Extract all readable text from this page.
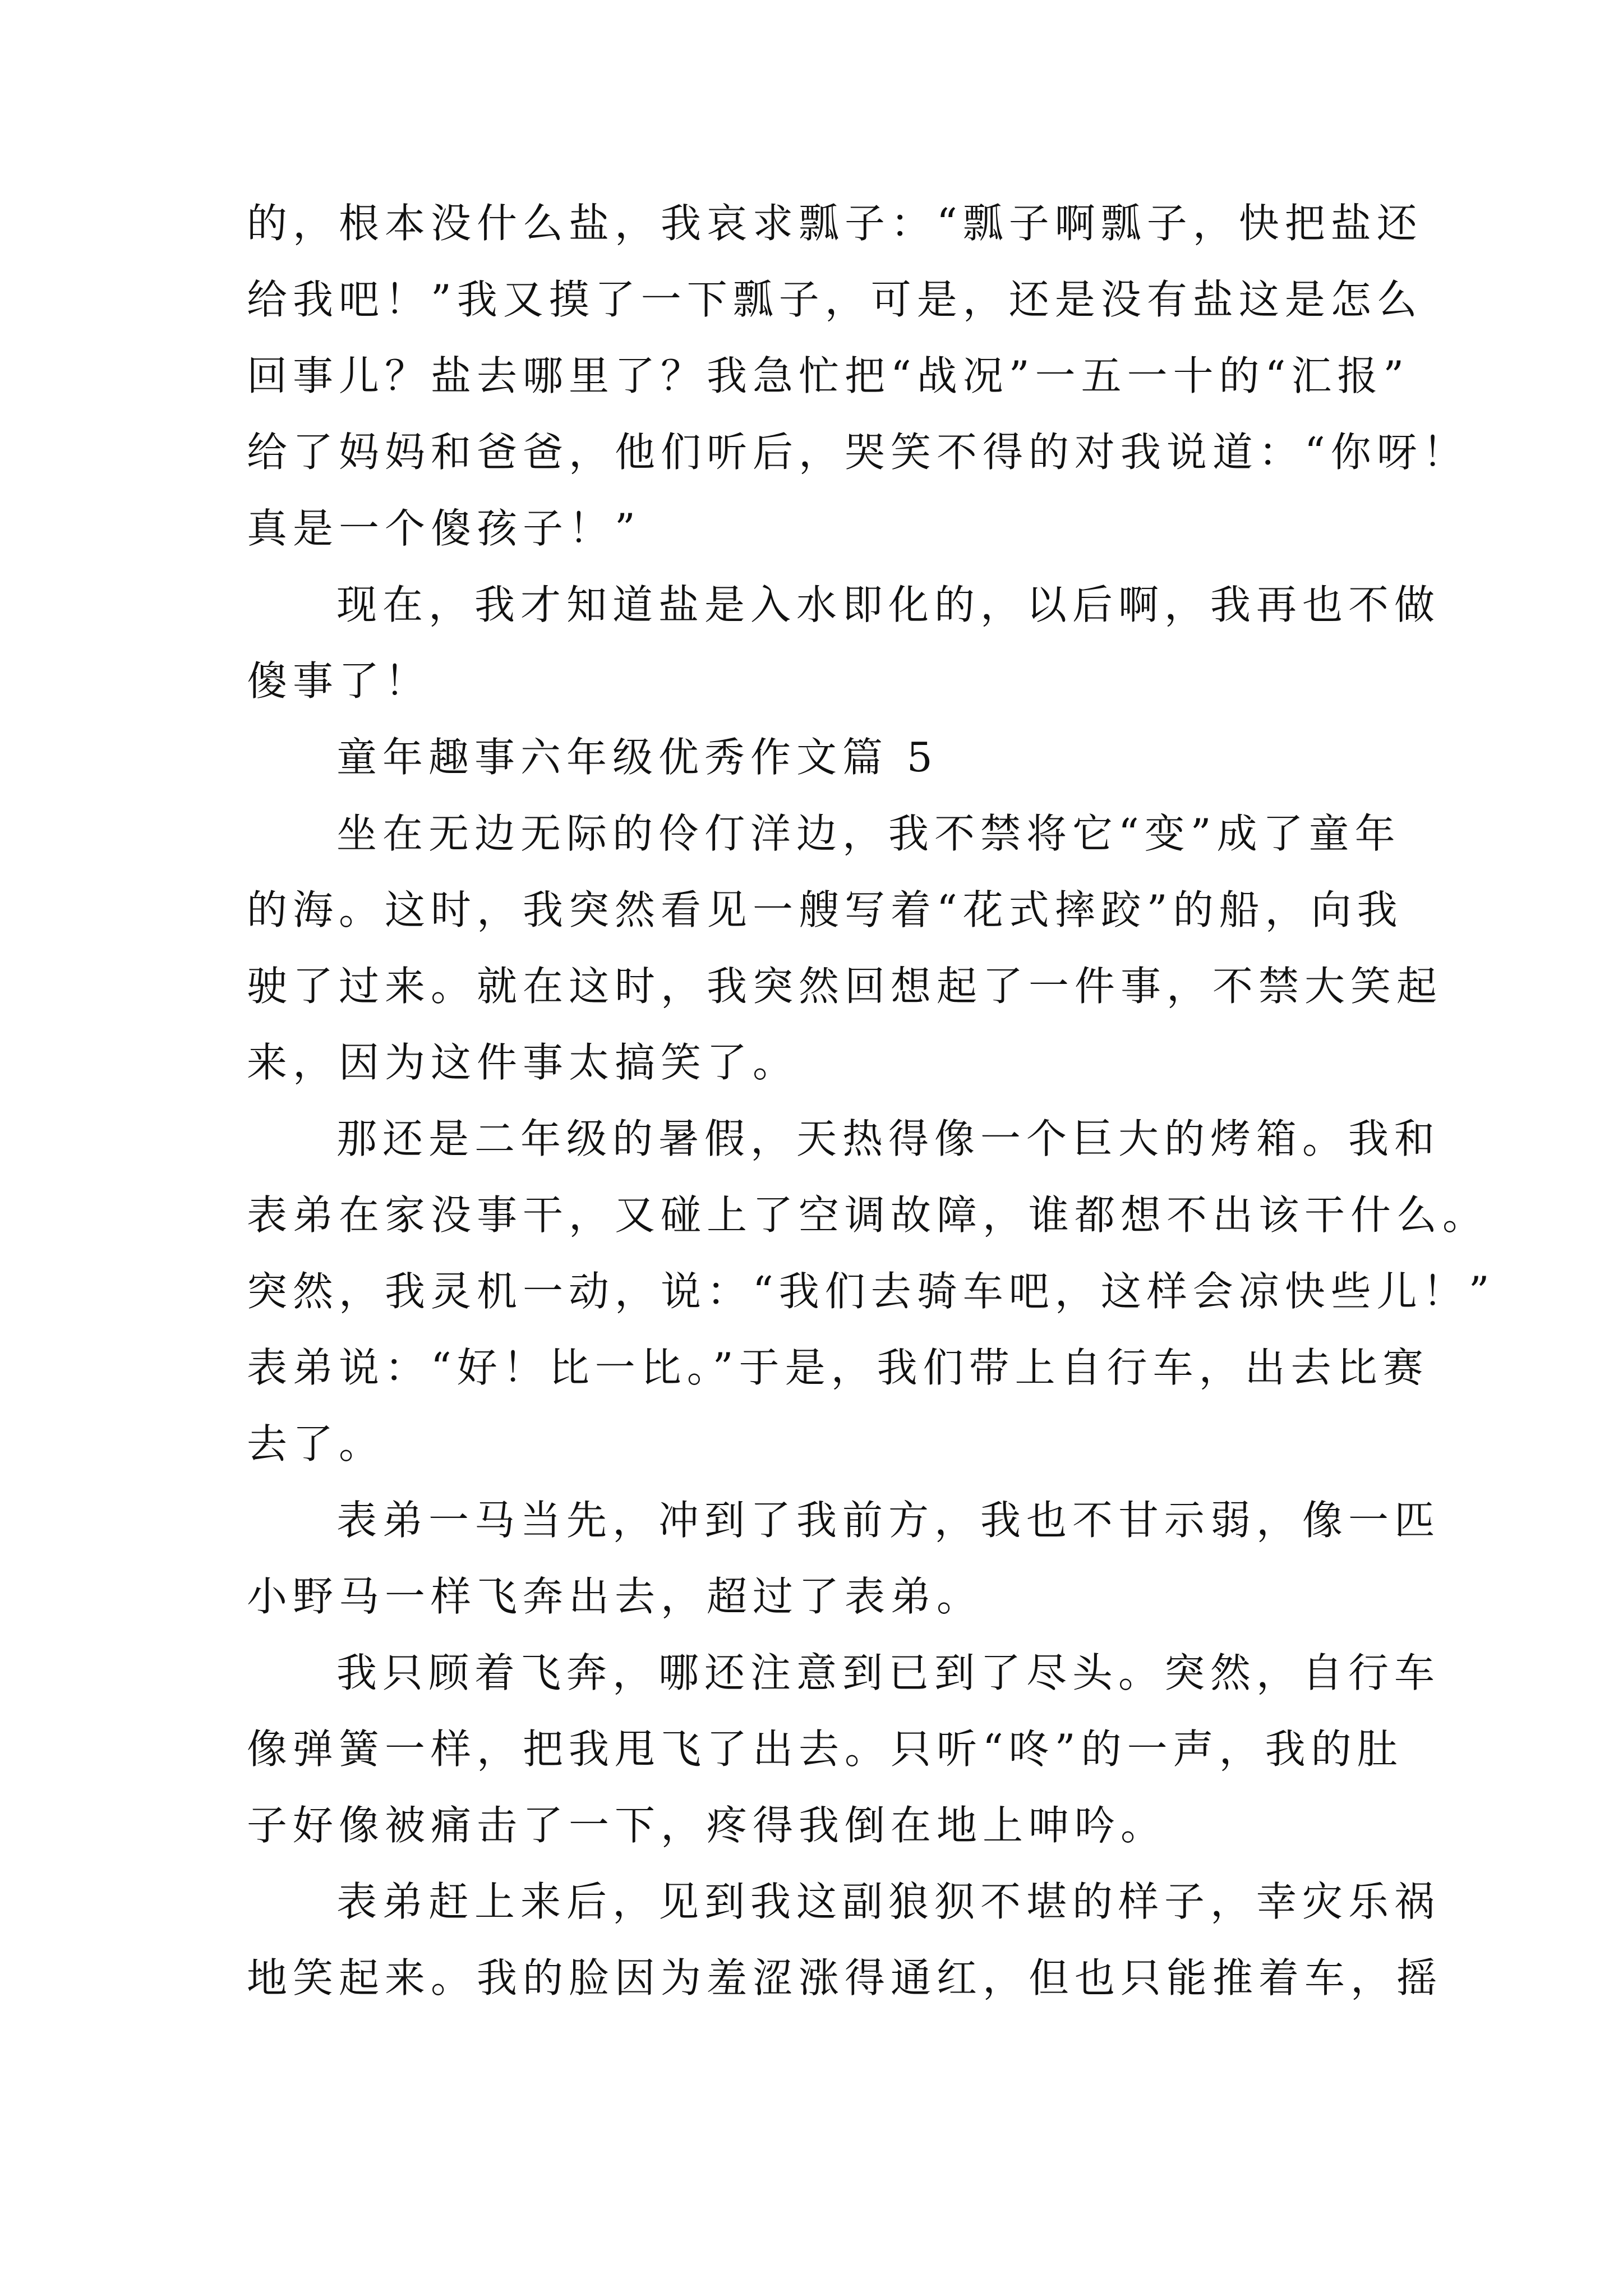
的，根本没什么盐，我哀求瓢子：“瓢子啊瓢子，快把盐还
给我吧！”我又摸了一下瓢子，可是，还是没有盐这是怎么
回事儿？盐去哪里了？我急忙把“战况”一五一十的“汇报”
给了妈妈和爸爸，他们听后，哭笑不得的对我说道：“你呀！
真是一个傻孩子！”
现在，我才知道盐是入水即化的，以后啊，我再也不做
傻事了！
童年趣事六年级优秀作文篇 5
坐在无边无际的伶仃洋边，我不禁将它“变”成了童年
的海。这时，我突然看见一艘写着“花式摔跤”的船，向我
驶了过来。就在这时，我突然回想起了一件事，不禁大笑起
来，因为这件事太搞笑了。
那还是二年级的暑假，天热得像一个巨大的烤箱。我和
表弟在家没事干，又碰上了空调故障，谁都想不出该干什么。
突然，我灵机一动，说：“我们去骑车吧，这样会凉快些儿！”
表弟说：“好！比一比。”于是，我们带上自行车，出去比赛
去了。
表弟一马当先，冲到了我前方，我也不甘示弱，像一匹
小野马一样飞奔出去，超过了表弟。
我只顾着飞奔，哪还注意到已到了尽头。突然，自行车
像弹簧一样，把我甩飞了出去。只听“咚”的一声，我的肚
子好像被痛击了一下，疼得我倒在地上呻吟。
表弟赶上来后，见到我这副狼狈不堪的样子，幸灾乐祸
地笑起来。我的脸因为羞涩涨得通红，但也只能推着车，摇
